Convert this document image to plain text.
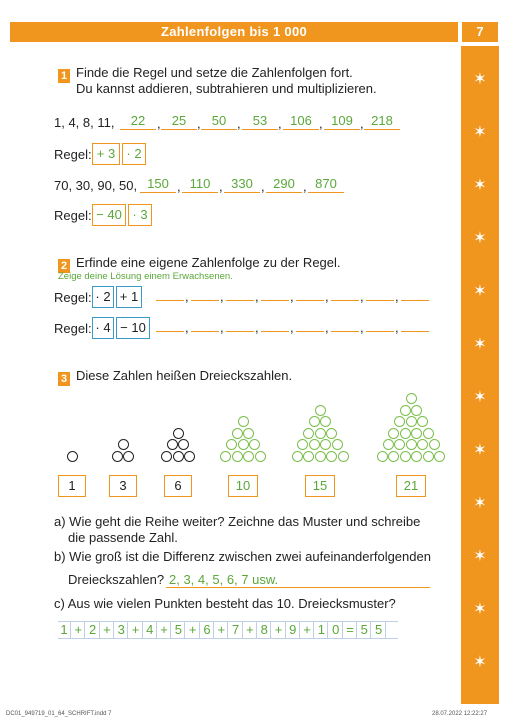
Zahlenfolgen bis 1 000	7
✶
✶
✶
✶
✶
✶
✶
✶
✶
✶
✶
✶
1 Finde die Regel und setze die Zahlenfolgen fort.
Du kannst addieren, subtrahieren und multiplizieren.
1, 4, 8, 11,	22 , 25 , 50 , 53 , 106 , 109 , 218
Regel: + 3 · 2
70, 30, 90, 50, 150 , 110 , 330 , 290 , 870
Regel: − 40 · 3
2 Erfinde eine eigene Zahlenfolge zu der Regel.
Zeige deine Lösung einem Erwachsenen.
Regel: · 2 + 1	, , , , , , ,
Regel: · 4 − 10	, , , , , , ,
3 Diese Zahlen heißen Dreieckszahlen.
1	3	6	10	15	21
a) Wie geht die Reihe weiter? Zeichne das Muster und schreibe
die passende Zahl.
b) Wie groß ist die Differenz zwischen zwei aufeinanderfolgenden
Dreieckszahlen? 2, 3, 4, 5, 6, 7 usw.
c) Aus wie vielen Punkten besteht das 10. Dreiecksmuster?
1 + 2 + 3 + 4 + 5 + 6 + 7 + 8 + 9 + 1 0 = 5 5
DC01_949719_01_64_SCHRIFT.indd 7	28.07.2022 12:22:27
